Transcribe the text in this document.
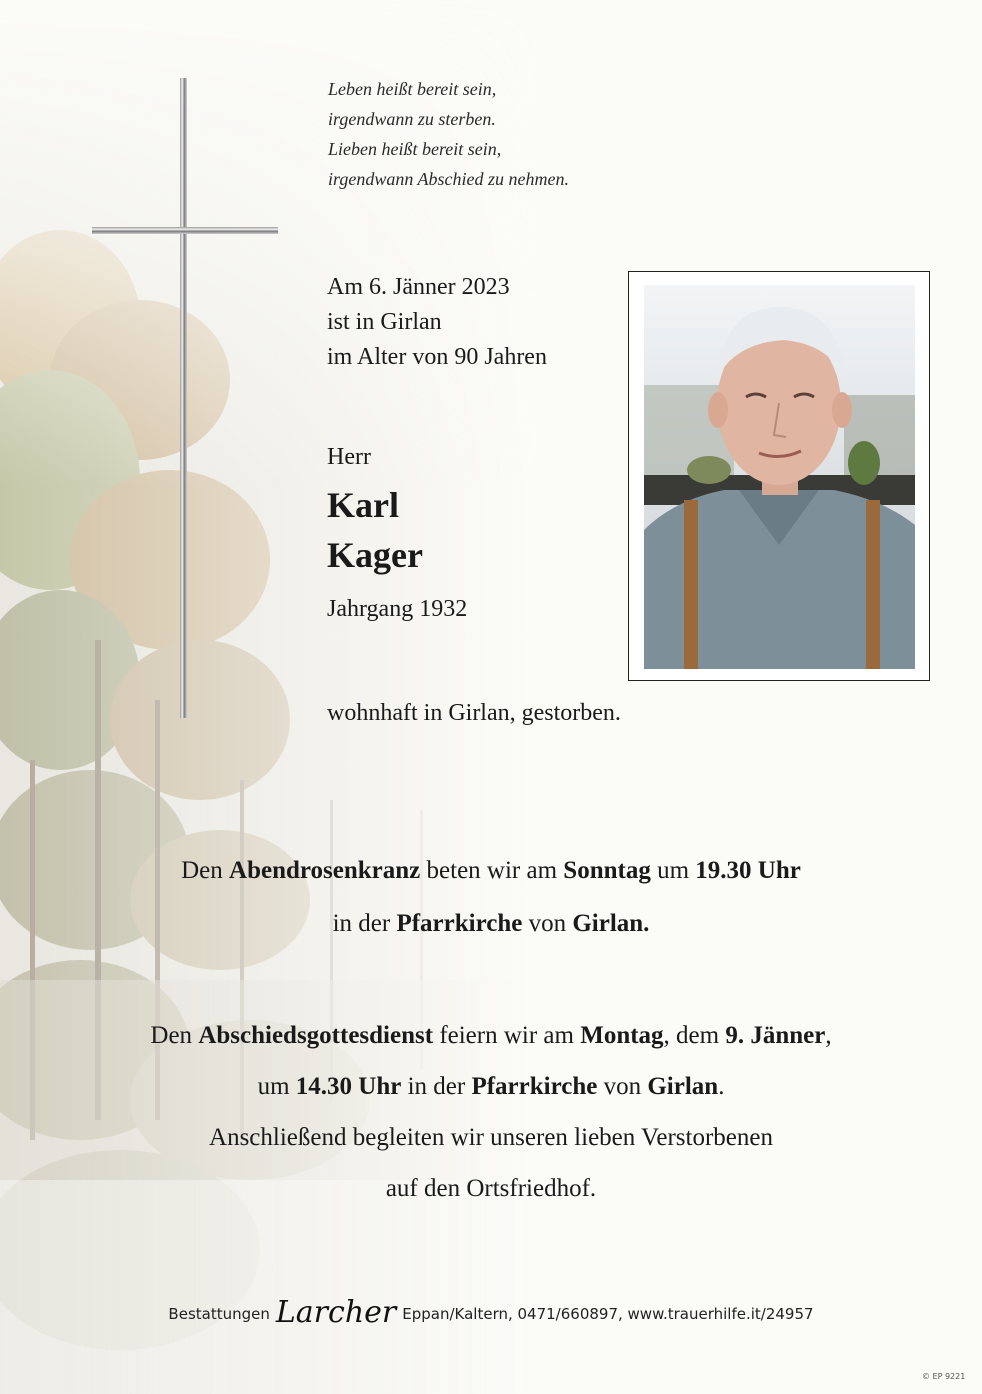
Leben heißt bereit sein,
irgendwann zu sterben.
Lieben heißt bereit sein,
irgendwann Abschied zu nehmen.
Am 6. Jänner 2023
ist in Girlan
im Alter von 90 Jahren
Herr
Karl
Kager
Jahrgang 1932
wohnhaft in Girlan, gestorben.

Den Abendrosenkranz beten wir am Sonntag um 19.30 Uhr

in der Pfarrkirche von Girlan.

Den Abschiedsgottesdienst feiern wir am Montag, dem 9. Jänner,

um 14.30 Uhr in der Pfarrkirche von Girlan.

Anschließend begleiten wir unseren lieben Verstorbenen

auf den Ortsfriedhof.

Bestattungen Larcher Eppan/Kaltern, 0471/660897, www.trauerhilfe.it/24957
© EP 9221
